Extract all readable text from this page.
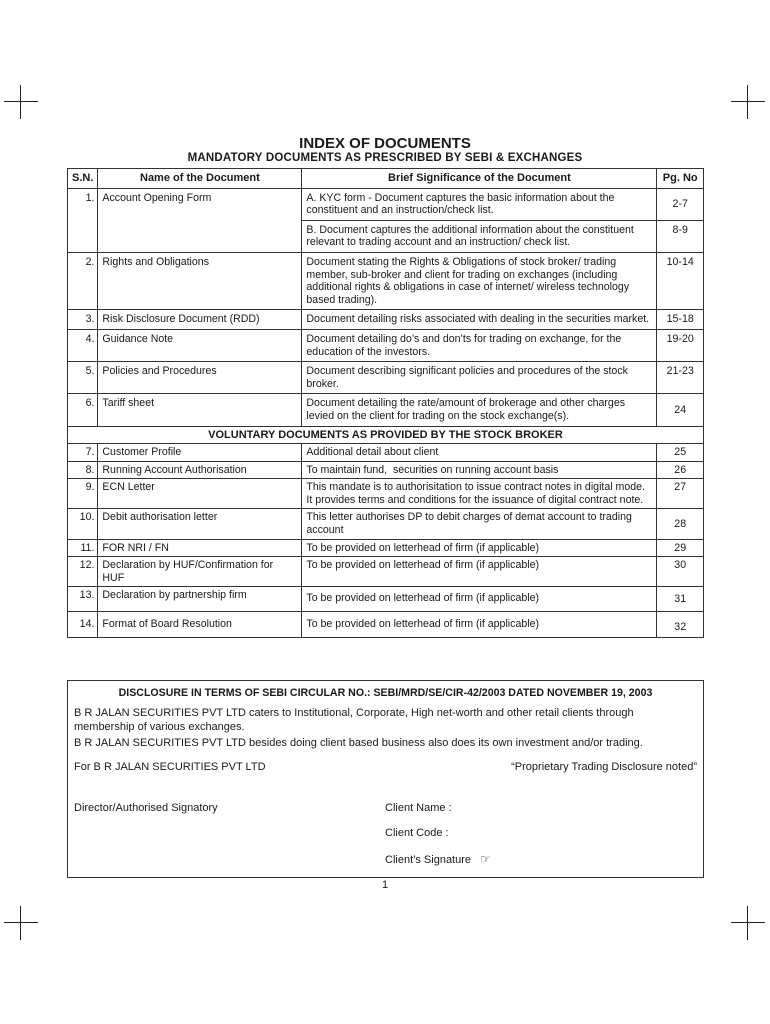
INDEX OF DOCUMENTS
MANDATORY DOCUMENTS AS PRESCRIBED BY SEBI & EXCHANGES
S.N.	Name of the Document	Brief Significance of the Document	Pg. No
1.	Account Opening Form	A. KYC form - Document captures the basic information about the constituent and an instruction/check list.	2-7
		B. Document captures the additional information about the constituent relevant to trading account and an instruction/ check list.	8-9
2.	Rights and Obligations	Document stating the Rights & Obligations of stock broker/ trading member, sub-broker and client for trading on exchanges (including additional rights & obligations in case of internet/ wireless technology based trading).	10-14
3.	Risk Disclosure Document (RDD)	Document detailing risks associated with dealing in the securities market.	15-18
4.	Guidance Note	Document detailing do’s and don’ts for trading on exchange, for the education of the investors.	19-20
5.	Policies and Procedures	Document describing significant policies and procedures of the stock broker.	21-23
6.	Tariff sheet	Document detailing the rate/amount of brokerage and other charges levied on the client for trading on the stock exchange(s).	24
VOLUNTARY DOCUMENTS AS PROVIDED BY THE STOCK BROKER			
7.	Customer Profile	Additional detail about client	25
8.	Running Account Authorisation	To maintain fund,  securities on running account basis	26
9.	ECN Letter	This mandate is to authorisitation to issue contract notes in digital mode. It provides terms and conditions for the issuance of digital contract note.	27
10.	Debit authorisation letter	This letter authorises DP to debit charges of demat account to trading account	28
11.	FOR NRI / FN	To be provided on letterhead of firm (if applicable)	29
12.	Declaration by HUF/Confirmation for HUF	To be provided on letterhead of firm (if applicable)	30
13.	Declaration by partnership firm	To be provided on letterhead of firm (if applicable)	31
14.	Format of Board Resolution	To be provided on letterhead of firm (if applicable)	32
DISCLOSURE IN TERMS OF SEBI CIRCULAR NO.: SEBI/MRD/SE/CIR-42/2003 DATED NOVEMBER 19, 2003
B R JALAN SECURITIES PVT LTD caters to Institutional, Corporate, High net-worth and other retail clients through membership of various exchanges.
B R JALAN SECURITIES PVT LTD besides doing client based business also does its own investment and/or trading.
For B R JALAN SECURITIES PVT LTD	“Proprietary Trading Disclosure noted”
Director/Authorised Signatory	Client Name :
Client Code :
Client’s Signature ☞
1
